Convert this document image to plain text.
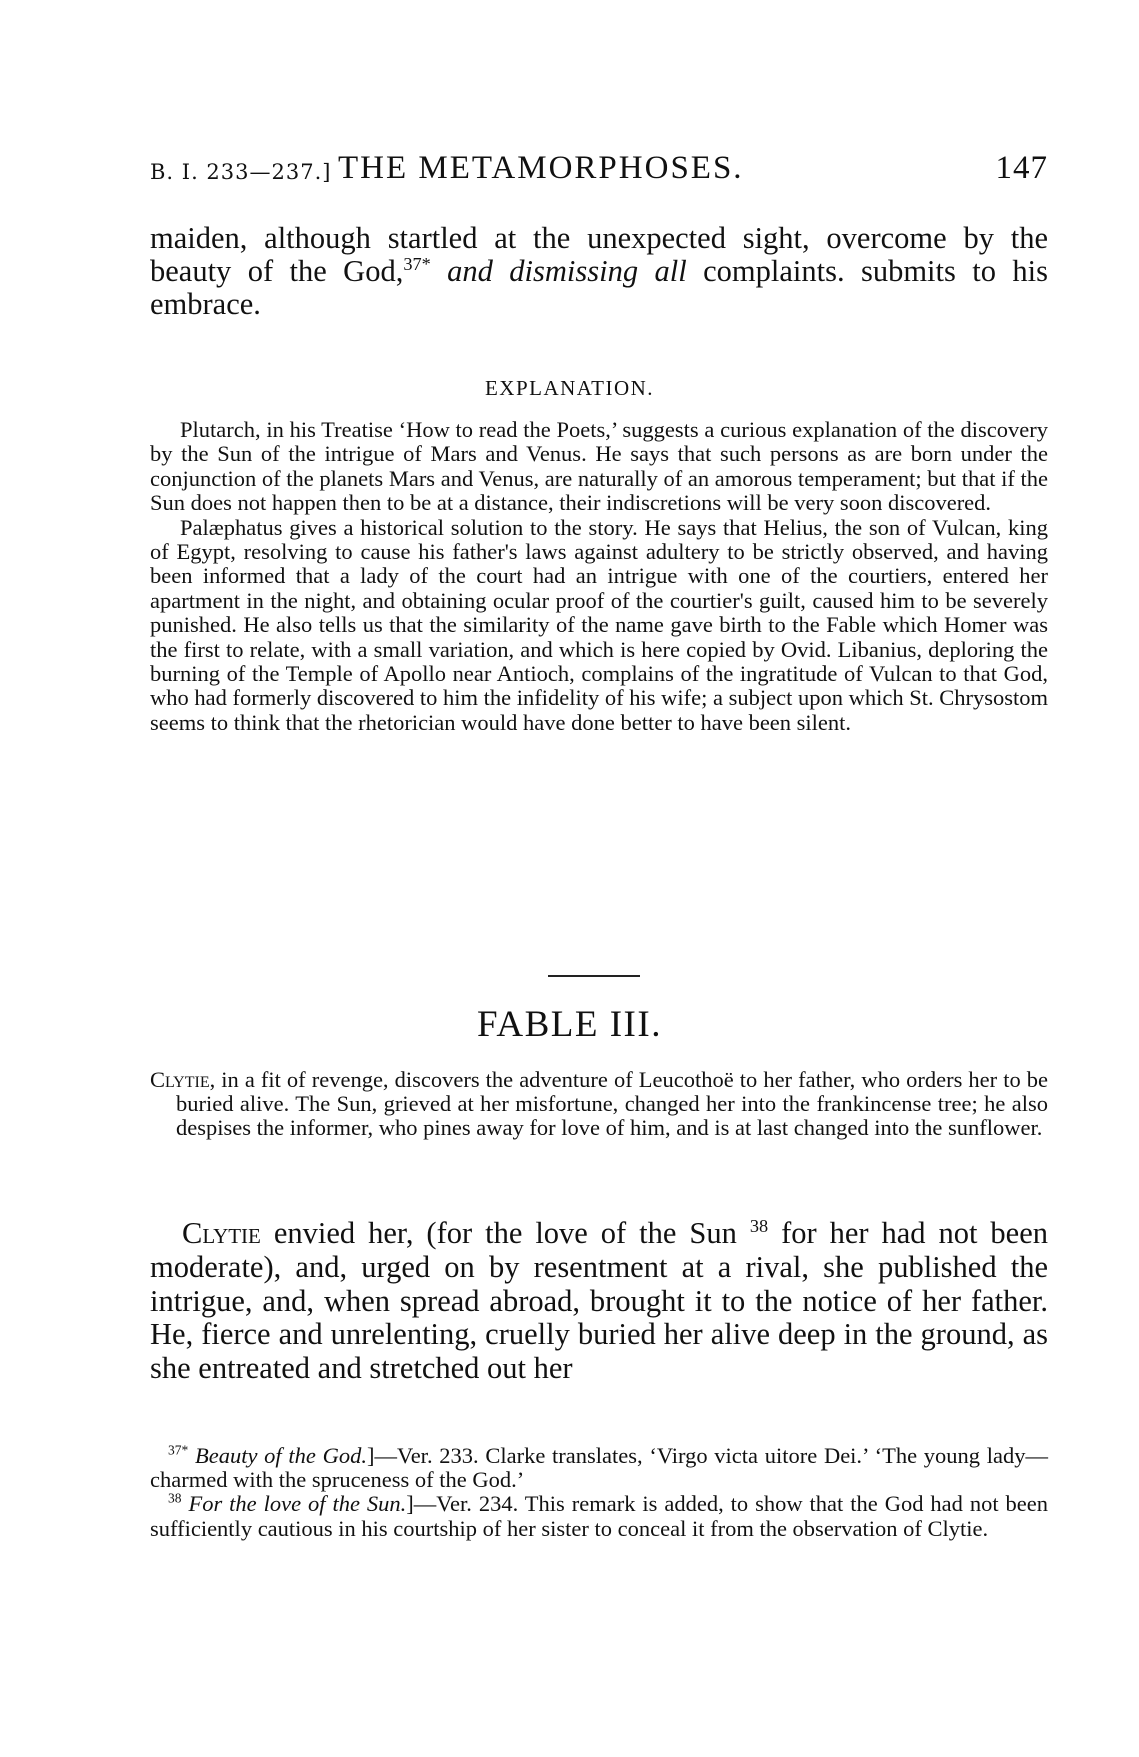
B. I. 233—237.] THE METAMORPHOSES.	147

maiden, although startled at the unexpected sight, overcome by the beauty of the God,$^{37*}$ and dismissing all complaints. submits to his embrace.

EXPLANATION.

Plutarch, in his Treatise ‘How to read the Poets,’ suggests a curious explanation of the discovery by the Sun of the intrigue of Mars and Venus. He says that such persons as are born under the conjunction of the planets Mars and Venus, are naturally of an amorous temperament; but that if the Sun does not happen then to be at a distance, their indiscretions will be very soon discovered.

Palæphatus gives a historical solution to the story. He says that Helius, the son of Vulcan, king of Egypt, resolving to cause his father's laws against adultery to be strictly observed, and having been informed that a lady of the court had an intrigue with one of the courtiers, entered her apartment in the night, and obtaining ocular proof of the courtier's guilt, caused him to be severely punished. He also tells us that the similarity of the name gave birth to the Fable which Homer was the first to relate, with a small variation, and which is here copied by Ovid. Libanius, deploring the burning of the Temple of Apollo near Antioch, complains of the ingratitude of Vulcan to that God, who had formerly discovered to him the infidelity of his wife; a subject upon which St. Chrysostom seems to think that the rhetorician would have done better to have been silent.

FABLE III.

Clytie, in a fit of revenge, discovers the adventure of Leucothoë to her father, who orders her to be buried alive. The Sun, grieved at her misfortune, changed her into the frankincense tree; he also despises the informer, who pines away for love of him, and is at last changed into the sunflower.

Clytie envied her, (for the love of the Sun $^{38}$ for her had not been moderate), and, urged on by resentment at a rival, she published the intrigue, and, when spread abroad, brought it to the notice of her father. He, fierce and unrelenting, cruelly buried her alive deep in the ground, as she entreated and stretched out her

$^{37*}$ Beauty of the God.]—Ver. 233. Clarke translates, ‘Virgo victa uitore Dei.’ ‘The young lady—charmed with the spruceness of the God.’

$^{38}$ For the love of the Sun.]—Ver. 234. This remark is added, to show that the God had not been sufficiently cautious in his courtship of her sister to conceal it from the observation of Clytie.
